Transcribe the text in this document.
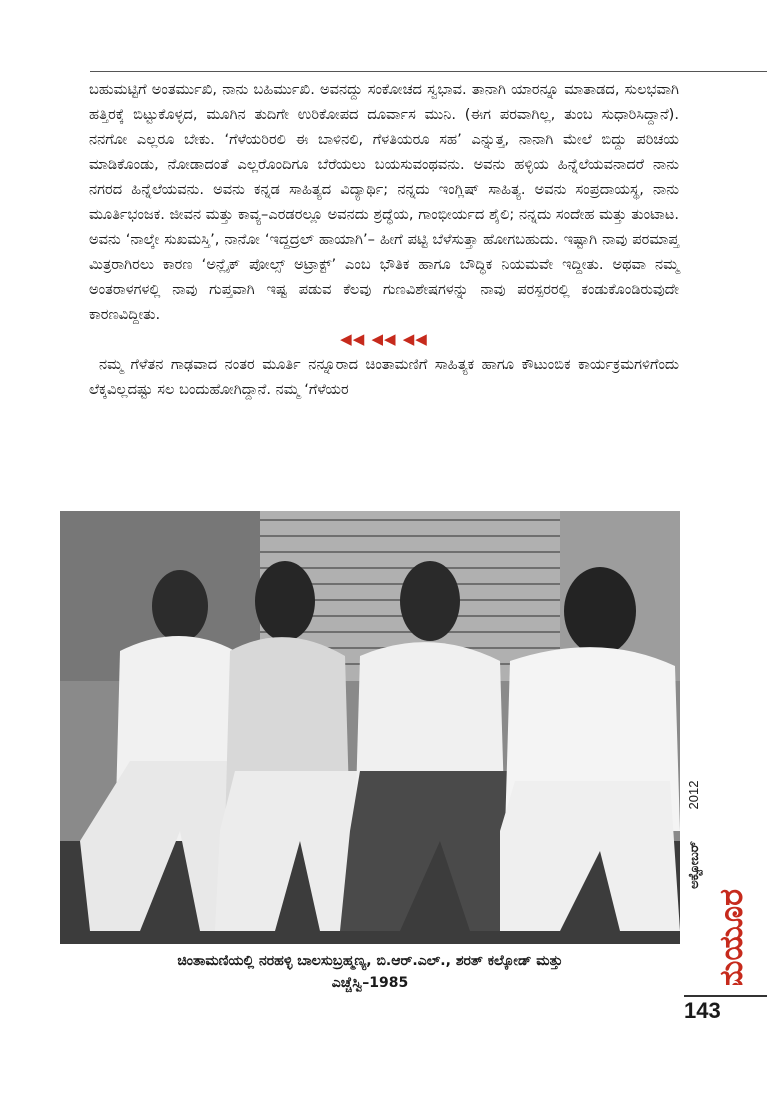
ಬಹುಮಟ್ಟಿಗೆ ಅಂತರ್ಮುಖಿ, ನಾನು ಬಹಿರ್ಮುಖಿ. ಅವನದ್ದು ಸಂಕೋಚದ ಸ್ವಭಾವ. ತಾನಾಗಿ ಯಾರನ್ನೂ ಮಾತಾಡದ, ಸುಲಭವಾಗಿ ಹತ್ತಿರಕ್ಕೆ ಬಿಟ್ಟುಕೊಳ್ಳದ, ಮೂಗಿನ ತುದಿಗೇ ಉರಿಕೋಪದ ದೂರ್ವಾಸ ಮುನಿ. (ಈಗ ಪರವಾಗಿಲ್ಲ, ತುಂಬ ಸುಧಾರಿಸಿದ್ದಾನೆ). ನನಗೋ ಎಲ್ಲರೂ ಬೇಕು. ‘ಗೆಳೆಯರಿರಲಿ ಈ ಬಾಳಿನಲಿ, ಗೆಳತಿಯರೂ ಸಹ’ ಎನ್ನುತ್ತ, ನಾನಾಗಿ ಮೇಲೆ ಬಿದ್ದು ಪರಿಚಯ ಮಾಡಿಕೊಂಡು, ನೋಡಾದಂತೆ ಎಲ್ಲರೊಂದಿಗೂ ಬೆರೆಯಲು ಬಯಸುವಂಥವನು. ಅವನು ಹಳ್ಳಿಯ ಹಿನ್ನೆಲೆಯವನಾದರೆ ನಾನು ನಗರದ ಹಿನ್ನೆಲೆಯವನು. ಅವನು ಕನ್ನಡ ಸಾಹಿತ್ಯದ ವಿದ್ಯಾರ್ಥಿ; ನನ್ನದು ಇಂಗ್ಲಿಷ್ ಸಾಹಿತ್ಯ. ಅವನು ಸಂಪ್ರದಾಯಸ್ಥ, ನಾನು ಮೂರ್ತಿಭಂಜಕ. ಜೀವನ ಮತ್ತು ಕಾವ್ಯ–ಎರಡರಲ್ಲೂ ಅವನದು ಶ್ರದ್ಧೆಯ, ಗಾಂಭೀರ್ಯದ ಶೈಲಿ; ನನ್ನದು ಸಂದೇಹ ಮತ್ತು ತುಂಟಾಟ. ಅವನು ‘ನಾಲ್ಕೇ ಸುಖಮಸ್ತಿ’, ನಾನೋ ‘ಇದ್ದದ್ರಲ್ ಹಾಯಾಗಿ’– ಹೀಗೆ ಪಟ್ಟಿ ಬೆಳೆಸುತ್ತಾ ಹೋಗಬಹುದು. ಇಷ್ಟಾಗಿ ನಾವು ಪರಮಾಪ್ತ ಮಿತ್ರರಾಗಿರಲು ಕಾರಣ ‘ಅನ್ಲೈಕ್ ಪೋಲ್ಸ್ ಅಟ್ರಾಕ್ಟ್’ ಎಂಬ ಭೌತಿಕ ಹಾಗೂ ಬೌದ್ಧಿಕ ನಿಯಮವೇ ಇದ್ದೀತು. ಅಥವಾ ನಮ್ಮ ಅಂತರಾಳಗಳಲ್ಲಿ ನಾವು ಗುಪ್ತವಾಗಿ ಇಷ್ಟ ಪಡುವ ಕೆಲವು ಗುಣವಿಶೇಷಗಳನ್ನು ನಾವು ಪರಸ್ಪರರಲ್ಲಿ ಕಂಡುಕೊಂಡಿರುವುದೇ ಕಾರಣವಿದ್ದೀತು.

◀◀ ◀◀ ◀◀

ನಮ್ಮ ಗೆಳೆತನ ಗಾಢವಾದ ನಂತರ ಮೂರ್ತಿ ನನ್ನೂರಾದ ಚಿಂತಾಮಣಿಗೆ ಸಾಹಿತ್ಯಕ ಹಾಗೂ ಕೌಟುಂಬಿಕ ಕಾರ್ಯಕ್ರಮಗಳಿಗೆಂದು ಲೆಕ್ಕವಿಲ್ಲದಷ್ಟು ಸಲ ಬಂದುಹೋಗಿದ್ದಾನೆ. ನಮ್ಮ ‘ಗೆಳೆಯರ

ಚಿಂತಾಮಣಿಯಲ್ಲಿ ನರಹಳ್ಳಿ ಬಾಲಸುಬ್ರಹ್ಮಣ್ಯ, ಬಿ.ಆರ್.ಎಲ್., ಶರತ್ ಕಲ್ಕೋಡ್ ಮತ್ತು
ಎಚ್ಚೆಸ್ವಿ–1985
2012
ಅಕ್ಟೋಬರ್
ಮಯೂರ
143
